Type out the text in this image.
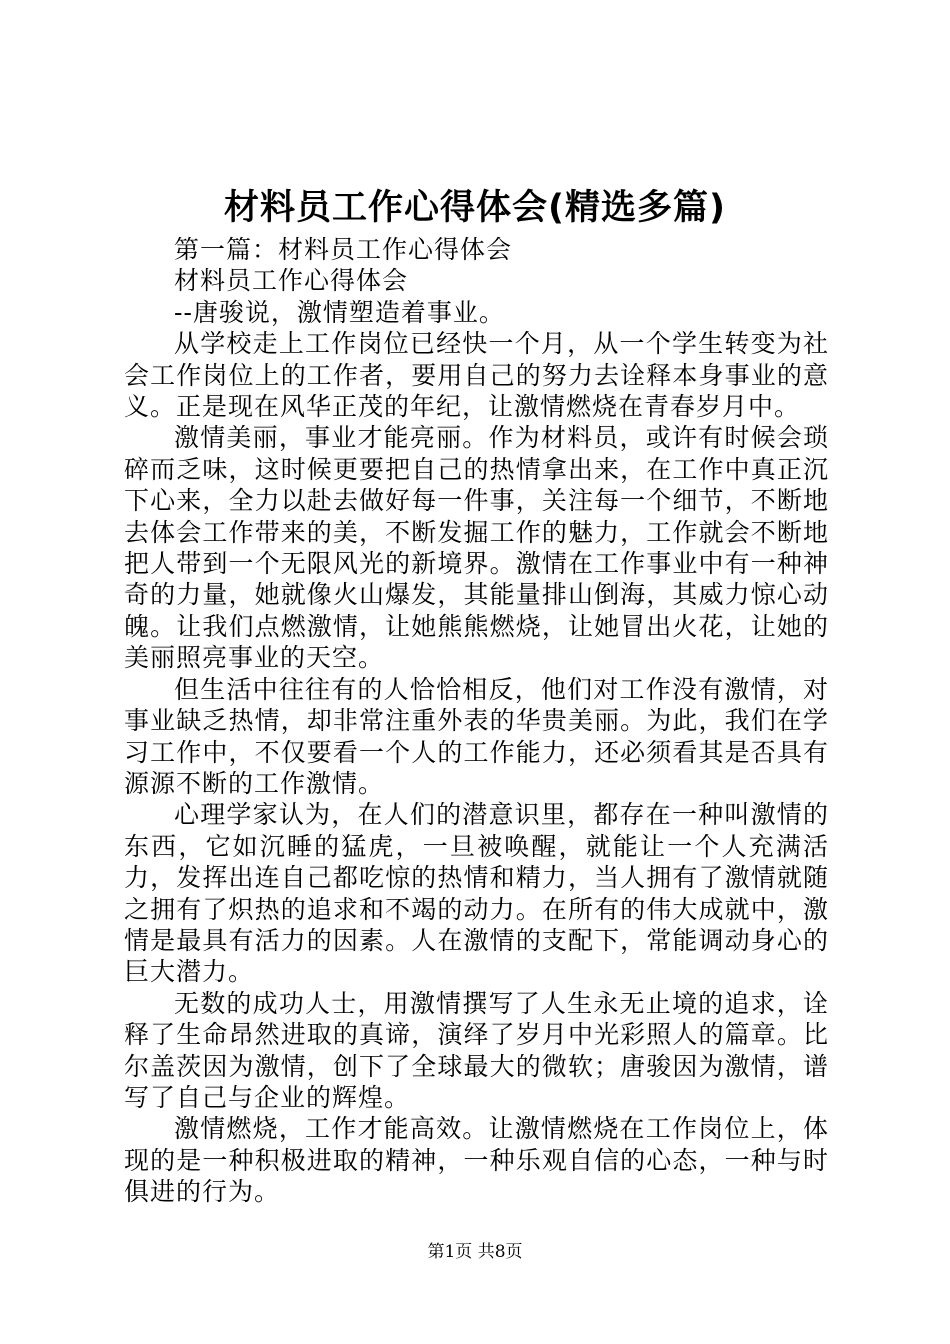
材料员工作心得体会(精选多篇)

第一篇：材料员工作心得体会

材料员工作心得体会

--唐骏说，激情塑造着事业。

从学校走上工作岗位已经快一个月，从一个学生转变为社会工作岗位上的工作者，要用自己的努力去诠释本身事业的意义。正是现在风华正茂的年纪，让激情燃烧在青春岁月中。

激情美丽，事业才能亮丽。作为材料员，或许有时候会琐碎而乏味，这时候更要把自己的热情拿出来，在工作中真正沉下心来，全力以赴去做好每一件事，关注每一个细节，不断地去体会工作带来的美，不断发掘工作的魅力，工作就会不断地把人带到一个无限风光的新境界。激情在工作事业中有一种神奇的力量，她就像火山爆发，其能量排山倒海，其威力惊心动魄。让我们点燃激情，让她熊熊燃烧，让她冒出火花，让她的美丽照亮事业的天空。

但生活中往往有的人恰恰相反，他们对工作没有激情，对事业缺乏热情，却非常注重外表的华贵美丽。为此，我们在学习工作中，不仅要看一个人的工作能力，还必须看其是否具有源源不断的工作激情。

心理学家认为，在人们的潜意识里，都存在一种叫激情的东西，它如沉睡的猛虎，一旦被唤醒，就能让一个人充满活力，发挥出连自己都吃惊的热情和精力，当人拥有了激情就随之拥有了炽热的追求和不竭的动力。在所有的伟大成就中，激情是最具有活力的因素。人在激情的支配下，常能调动身心的巨大潜力。

无数的成功人士，用激情撰写了人生永无止境的追求，诠释了生命昂然进取的真谛，演绎了岁月中光彩照人的篇章。比尔盖茨因为激情，创下了全球最大的微软；唐骏因为激情，谱写了自己与企业的辉煌。

激情燃烧，工作才能高效。让激情燃烧在工作岗位上，体现的是一种积极进取的精神，一种乐观自信的心态，一种与时俱进的行为。

第1页 共8页
